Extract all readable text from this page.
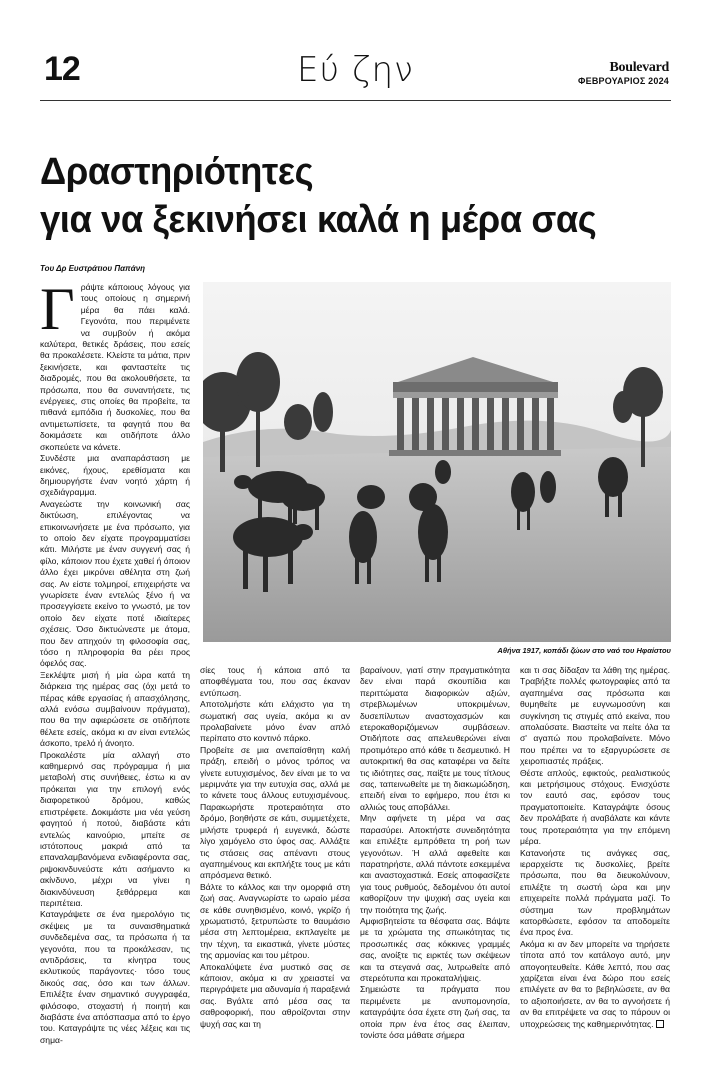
12	Εύ ζην	Boulevard
ΦΕΒΡΟΥΑΡΙΟΣ 2024
Δραστηριότητες
για να ξεκινήσει καλά η μέρα σας
Του Δρ Ευστράτιου Παπάνη

Γράψτε κάποιους λόγους για τους οποίους η σημερινή μέρα θα πάει καλά. Γεγονότα, που περιμένετε να συμβούν ή ακόμα καλύτερα, θετικές δράσεις, που εσείς θα προκαλέσετε. Κλείστε τα μάτια, πριν ξεκινήσετε, και φανταστείτε τις διαδρομές, που θα ακολουθήσετε, τα πρόσωπα, που θα συναντήσετε, τις ενέργειες, στις οποίες θα προβείτε, τα πιθανά εμπόδια ή δυσκολίες, που θα αντιμετωπίσετε, τα φαγητά που θα δοκιμάσετε και οτιδήποτε άλλο σκοπεύετε να κάνετε.

Συνδέστε μια αναπαράσταση με εικόνες, ήχους, ερεθίσματα και δημιουργήστε έναν νοητό χάρτη ή σχεδιάγραμμα.

Αναγεώστε την κοινωνική σας δικτύωση, επιλέγοντας να επικοινωνήσετε με ένα πρόσωπο, για το οποίο δεν είχατε προγραμματίσει κάτι. Μιλήστε με έναν συγγενή σας ή φίλο, κάποιον που έχετε χαθεί ή όποιον άλλο έχει μικρύνει αθέλητα στη ζωή σας. Αν είστε τολμηροί, επιχειρήστε να γνωρίσετε έναν εντελώς ξένο ή να προσεγγίσετε εκείνο το γνωστό, με τον οποίο δεν είχατε ποτέ ιδιαίτερες σχέσεις. Όσο δικτυώνεστε με άτομα, που δεν απηχούν τη φιλοσοφία σας, τόσο η πληροφορία θα ρέει προς όφελός σας.

Ξεκλέψτε μισή ή μία ώρα κατά τη διάρκεια της ημέρας σας (όχι μετά το πέρας κάθε εργασίας ή απασχόλησης, αλλά ενόσω συμβαίνουν πράγματα), που θα την αφιερώσετε σε οτιδήποτε θέλετε εσείς, ακόμα κι αν είναι εντελώς άσκοπο, τρελό ή άνοητο.

Προκαλέστε μία αλλαγή στο καθημερινό σας πρόγραμμα ή μια μεταβολή στις συνήθειες, έστω κι αν πρόκειται για την επιλογή ενός διαφορετικού δρόμου, καθώς επιστρέφετε. Δοκιμάστε μια νέα γεύση φαγητού ή ποτού, διαβάστε κάτι εντελώς καινούριο, μπείτε σε ιστότοπους μακριά από τα επαναλαμβανόμενα ενδιαφέροντα σας, ριψοκινδυνεύστε κάτι ασήμαντο κι ακίνδυνο, μέχρι να γίνει η διακινδύνευση ξεθάρρεμα και περιπέτεια.

Καταγράψετε σε ένα ημερολόγιο τις σκέψεις με τα συναισθηματικά συνδεδεμένα σας, τα πρόσωπα ή τα γεγονότα, που τα προκάλεσαν, τις αντιδράσεις, τα κίνητρα τους εκλυτικούς παράγοντες· τόσο τους δικούς σας, όσο και των άλλων. Επιλέξτε έναν σημαντικό συγγραφέα, φιλόσοφο, στοχαστή ή ποιητή και διαβάστε ένα απόσπασμα από το έργο του. Καταγράψτε τις νέες λέξεις και τις σημα-

Αθήνα 1917, κοπάδι ζώων στο ναό του Ηφαίστου

σίες τους ή κάποια από τα αποφθέγματα του, που σας έκαναν εντύπωση.

Αποτολμήστε κάτι ελάχιστο για τη σωματική σας υγεία, ακόμα κι αν προλαβαίνετε μόνο έναν απλό περίπατο στο κοντινό πάρκο.

Προβείτε σε μια ανεπαίσθητη καλή πράξη, επειδή ο μόνος τρόπος να γίνετε ευτυχισμένος, δεν είναι με το να μεριμνάτε για την ευτυχία σας, αλλά με το κάνετε τους άλλους ευτυχισμένους. Παρακωρήστε προτεραιότητα στο δρόμο, βοηθήστε σε κάτι, συμμετέχετε, μιλήστε τρυφερά ή ευγενικά, δώστε λίγο χαμόγελο στο ύφος σας. Αλλάξτε τις στάσεις σας απέναντι στους αγαπημένους και εκπλήξτε τους με κάτι απρόσμενα θετικό.

Βάλτε το κάλλος και την ομορφιά στη ζωή σας. Αναγνωρίστε το ωραίο μέσα σε κάθε συνηθισμένο, κοινό, γκρίζο ή χρωματιστό, ξετρυπώστε το θαυμάσιο μέσα στη λεπτομέρεια, εκπλαγείτε με την τέχνη, τα εικαστικά, γίνετε μύστες της αρμονίας και του μέτρου.

Αποκαλύψετε ένα μυστικό σας σε κάποιον, ακόμα κι αν χρειαστεί να περιγράψετε μια αδυναμία ή παραξενιά σας. Βγάλτε από μέσα σας τα σαθροφορική, που αθροίζονται στην ψυχή σας και τη

βαραίνουν, γιατί στην πραγματικότητα δεν είναι παρά σκουπίδια και περιττώματα διαφορικών αξιών, στρεβλωμένων υποκριμένων, δυσεπίλυτων αναστοχασμών και ετεροκαθοριζόμενων συμβάσεων. Οτιδήποτε σας απελευθερώνει είναι προτιμότερο από κάθε τι δεσμευτικό. Η αυτοκριτική θα σας καταφέρει να δείτε τις ιδιότητες σας, παίξτε με τους τίτλους σας, ταπεινωθείτε με τη διακωμώδηση, επειδή είναι το εφήμερο, που έτσι κι αλλιώς τους αποβάλλει.

Μην αφήνετε τη μέρα να σας παρασύρει. Αποκτήστε συνειδητότητα και επιλέξτε εμπρόθετα τη ροή των γεγονότων. Ή αλλά αφεθείτε και παρατηρήστε, αλλά πάντοτε εσκεμμένα και αναστοχαστικά. Εσείς αποφασίζετε για τους ρυθμούς, δεδομένου ότι αυτοί καθορίζουν την ψυχική σας υγεία και την ποιότητα της ζωής.

Αμφισβητείστε τα θέσφατα σας. Βάψτε με τα χρώματα της σπωικότητας τις προσωπικές σας κόκκινες γραμμές σας, ανοίξτε τις ειρκτές των σκέψεων και τα στεγανά σας, λυτρωθείτε από στερεότυπα και προκαταλήψεις.

Σημειώστε τα πράγματα που περιμένετε με ανυπομονησία, καταγράψτε όσα έχετε στη ζωή σας, τα οποία πριν ένα έτος σας έλειπαν, τονίστε όσα μάθατε σήμερα

και τι σας δίδαξαν τα λάθη της ημέρας. Τραβήξτε πολλές φωτογραφίες από τα αγαπημένα σας πρόσωπα και θυμηθείτε με ευγνωμοσύνη και συγκίνηση τις στιγμές από εκείνα, που απολαύσατε. Βιαστείτε να πείτε όλα τα σ' αγαπώ που προλαβαίνετε. Μόνο που πρέπει να το εξαργυρώσετε σε χειροπιαστές πράξεις.

Θέστε απλούς, εφικτούς, ρεαλιστικούς και μετρήσιμους στόχους. Ενισχύστε τον εαυτό σας, εφόσον τους πραγματοποιείτε. Καταγράψτε όσους δεν προλάβατε ή αναβάλατε και κάντε τους προτεραιότητα για την επόμενη μέρα.

Κατανοήστε τις ανάγκες σας, ιεραρχείστε τις δυσκολίες, βρείτε πρόσωπα, που θα διευκολύνουν, επιλέξτε τη σωστή ώρα και μην επιχειρείτε πολλά πράγματα μαζί. Το σύστημα των προβλημάτων κατορθώσετε, εφόσον τα αποδομείτε ένα προς ένα.

Ακόμα κι αν δεν μπορείτε να τηρήσετε τίποτα από τον κατάλογο αυτό, μην απογοητευθείτε. Κάθε λεπτό, που σας χαρίζεται είναι ένα δώρο που εσείς επιλέγετε αν θα το βεβηλώσετε, αν θα το αξιοποιήσετε, αν θα το αγνοήσετε ή αν θα επιτρέψετε να σας το πάρουν οι υποχρεώσεις της καθημερινότητας.
